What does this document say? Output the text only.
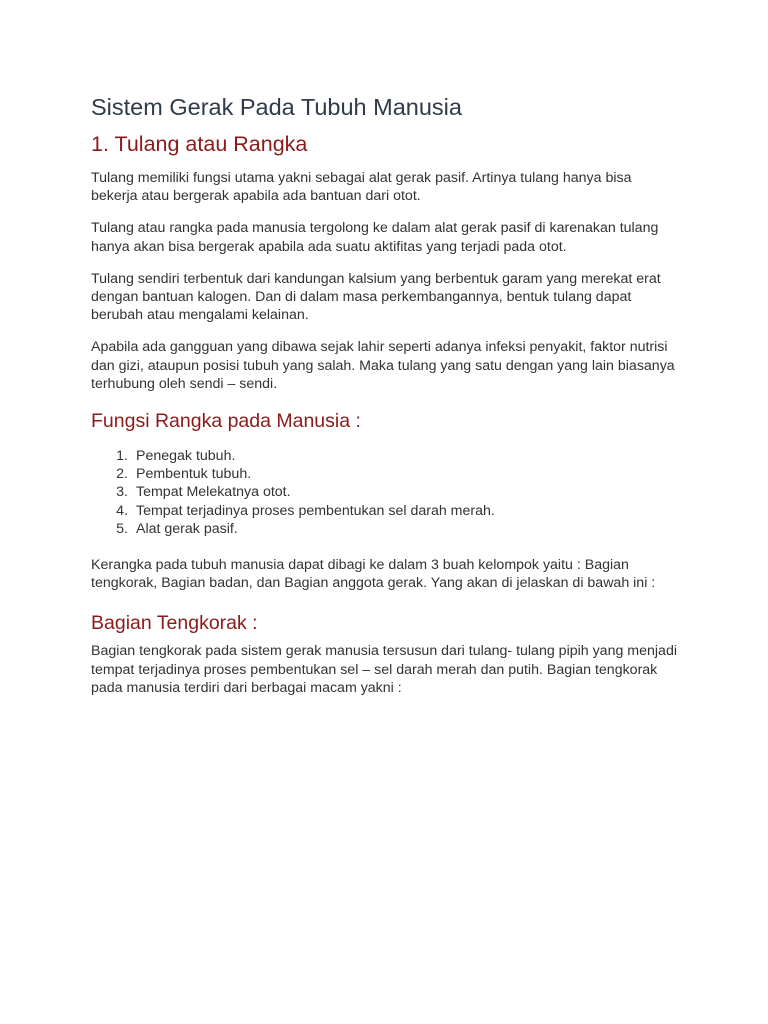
Sistem Gerak Pada Tubuh Manusia
1. Tulang atau Rangka

Tulang memiliki fungsi utama yakni sebagai alat gerak pasif. Artinya tulang hanya bisa bekerja atau bergerak apabila ada bantuan dari otot.

Tulang atau rangka pada manusia tergolong ke dalam alat gerak pasif di karenakan tulang hanya akan bisa bergerak apabila ada suatu aktifitas yang terjadi pada otot.

Tulang sendiri terbentuk dari kandungan kalsium yang berbentuk garam yang merekat erat dengan bantuan kalogen. Dan di dalam masa perkembangannya, bentuk tulang dapat berubah atau mengalami kelainan.

Apabila ada gangguan yang dibawa sejak lahir seperti adanya infeksi penyakit, faktor nutrisi dan gizi, ataupun posisi tubuh yang salah. Maka tulang yang satu dengan yang lain biasanya terhubung oleh sendi – sendi.

Fungsi Rangka pada Manusia :
1. Penegak tubuh.
2. Pembentuk tubuh.
3. Tempat Melekatnya otot.
4. Tempat terjadinya proses pembentukan sel darah merah.
5. Alat gerak pasif.

Kerangka pada tubuh manusia dapat dibagi ke dalam 3 buah kelompok yaitu : Bagian tengkorak, Bagian badan, dan Bagian anggota gerak. Yang akan di jelaskan di bawah ini :

Bagian Tengkorak :

Bagian tengkorak pada sistem gerak manusia tersusun dari tulang- tulang pipih yang menjadi tempat terjadinya proses pembentukan sel – sel darah merah dan putih. Bagian tengkorak pada manusia terdiri dari berbagai macam yakni :
